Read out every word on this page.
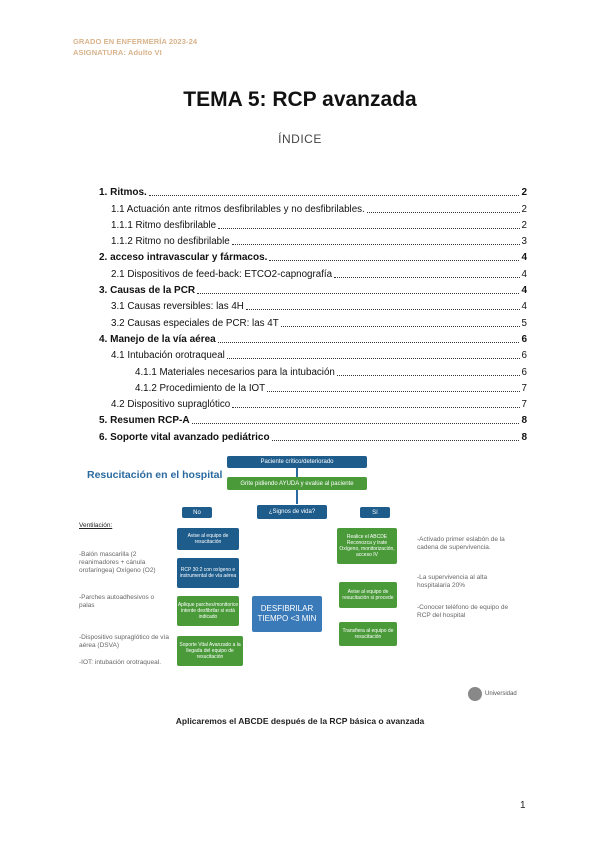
GRADO EN ENFERMERÍA 2023-24
ASIGNATURA: Adulto VI
TEMA 5: RCP avanzada
ÍNDICE
1. Ritmos.	2
1.1 Actuación ante ritmos desfibrilables y no desfibrilables.	2
1.1.1 Ritmo desfibrilable	2
1.1.2 Ritmo no desfibrilable	3
2. acceso intravascular y fármacos.	4
2.1 Dispositivos de feed-back: ETCO2-capnografía	4
3. Causas de la PCR	4
3.1 Causas reversibles: las 4H	4
3.2 Causas especiales de PCR: las 4T	5
4. Manejo de la vía aérea	6
4.1 Intubación orotraqueal	6
4.1.1 Materiales necesarios para la intubación	6
4.1.2 Procedimiento de la IOT	7
4.2 Dispositivo supraglótico	7
5. Resumen RCP-A	8
6. Soporte vital avanzado pediátrico	8
Resucitación en el hospital
Paciente crítico/deteriorado
Grite pidiendo AYUDA y evalúe al paciente
No	¿Signos de vida?	Sí
Avise al equipo de resucitación
RCP 30:2 con oxígeno e instrumental de vía aérea
Aplique parches/monitorice intente desfibrilar si está indicado
Soporte Vital Avanzado a la llegada del equipo de resucitación
Realice el ABCDE Reconozca y trate Oxígeno, monitorización, acceso IV
Avise al equipo de resucitación si procede
Transfiera al equipo de resucitación
DESFIBRILAR TIEMPO <3 MIN
Ventilación:
-Balón mascarilla (2 reanimadores + cánula orofaríngea) Oxígeno (O2)
-Parches autoadhesivos o palas
-Dispositivo supraglótico de vía aérea (DSVA)
-IOT: intubación orotraqueal.
-Activado primer eslabón de la cadena de supervivencia.
-La supervivencia al alta hospitalaria 20%
-Conocer teléfono de equipo de RCP del hospital
Universidad
Aplicaremos el ABCDE después de la RCP básica o avanzada
1
